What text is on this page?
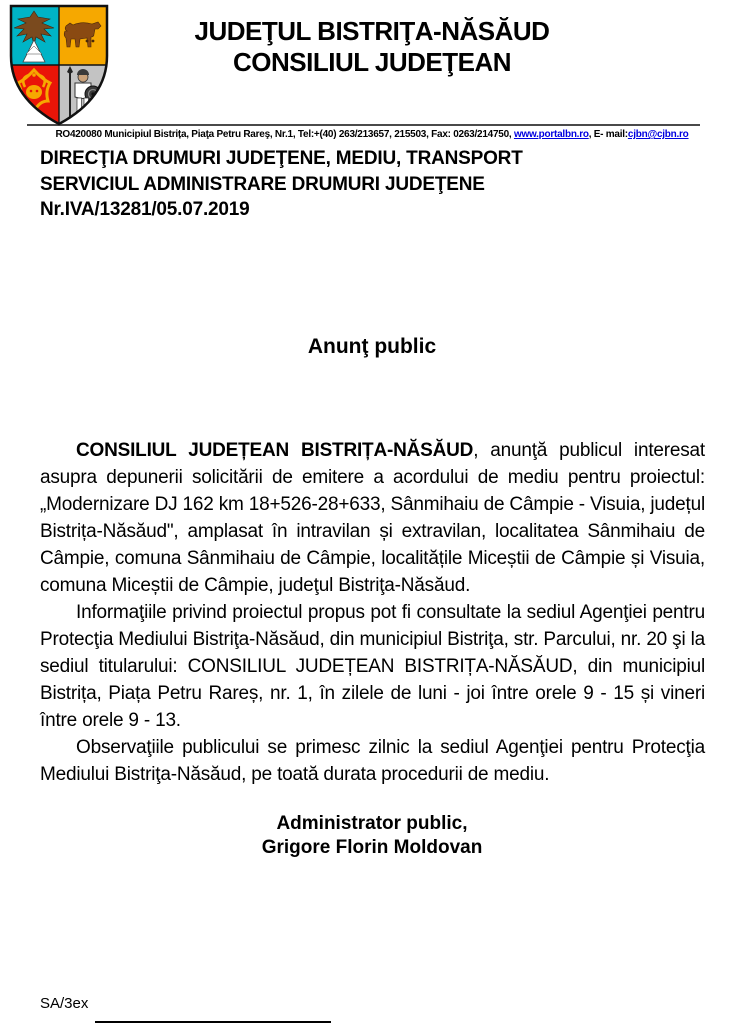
JUDEŢUL BISTRIŢA-NĂSĂUD
CONSILIUL JUDEŢEAN
RO420080 Municipiul Bistrița, Piaţa Petru Rareş, Nr.1, Tel:+(40) 263/213657, 215503, Fax: 0263/214750, www.portalbn.ro, E- mail:cjbn@cjbn.ro
DIRECŢIA DRUMURI JUDEŢENE, MEDIU, TRANSPORT
SERVICIUL ADMINISTRARE DRUMURI JUDEŢENE
Nr.IVA/13281/05.07.2019
Anunţ public

CONSILIUL JUDEȚEAN BISTRIȚA-NĂSĂUD, anunţă publicul interesat asupra depunerii solicitării de emitere a acordului de mediu pentru proiectul: „Modernizare DJ 162 km 18+526-28+633, Sânmihaiu de Câmpie - Visuia, județul Bistrița-Năsăud", amplasat în intravilan și extravilan, localitatea Sânmihaiu de Câmpie, comuna Sânmihaiu de Câmpie, localitățile Miceștii de Câmpie și Visuia, comuna Miceștii de Câmpie, judeţul Bistriţa-Năsăud.

Informaţiile privind proiectul propus pot fi consultate la sediul Agenţiei pentru Protecţia Mediului Bistriţa-Năsăud, din municipiul Bistriţa, str. Parcului, nr. 20 şi la sediul titularului: CONSILIUL JUDEȚEAN BISTRIȚA-NĂSĂUD, din municipiul Bistrița, Piața Petru Rareș, nr. 1, în zilele de luni - joi între orele 9 - 15 și vineri între orele 9 - 13.

Observaţiile publicului se primesc zilnic la sediul Agenţiei pentru Protecţia Mediului Bistriţa-Năsăud, pe toată durata procedurii de mediu.

Administrator public,
Grigore Florin Moldovan
SA/3ex
